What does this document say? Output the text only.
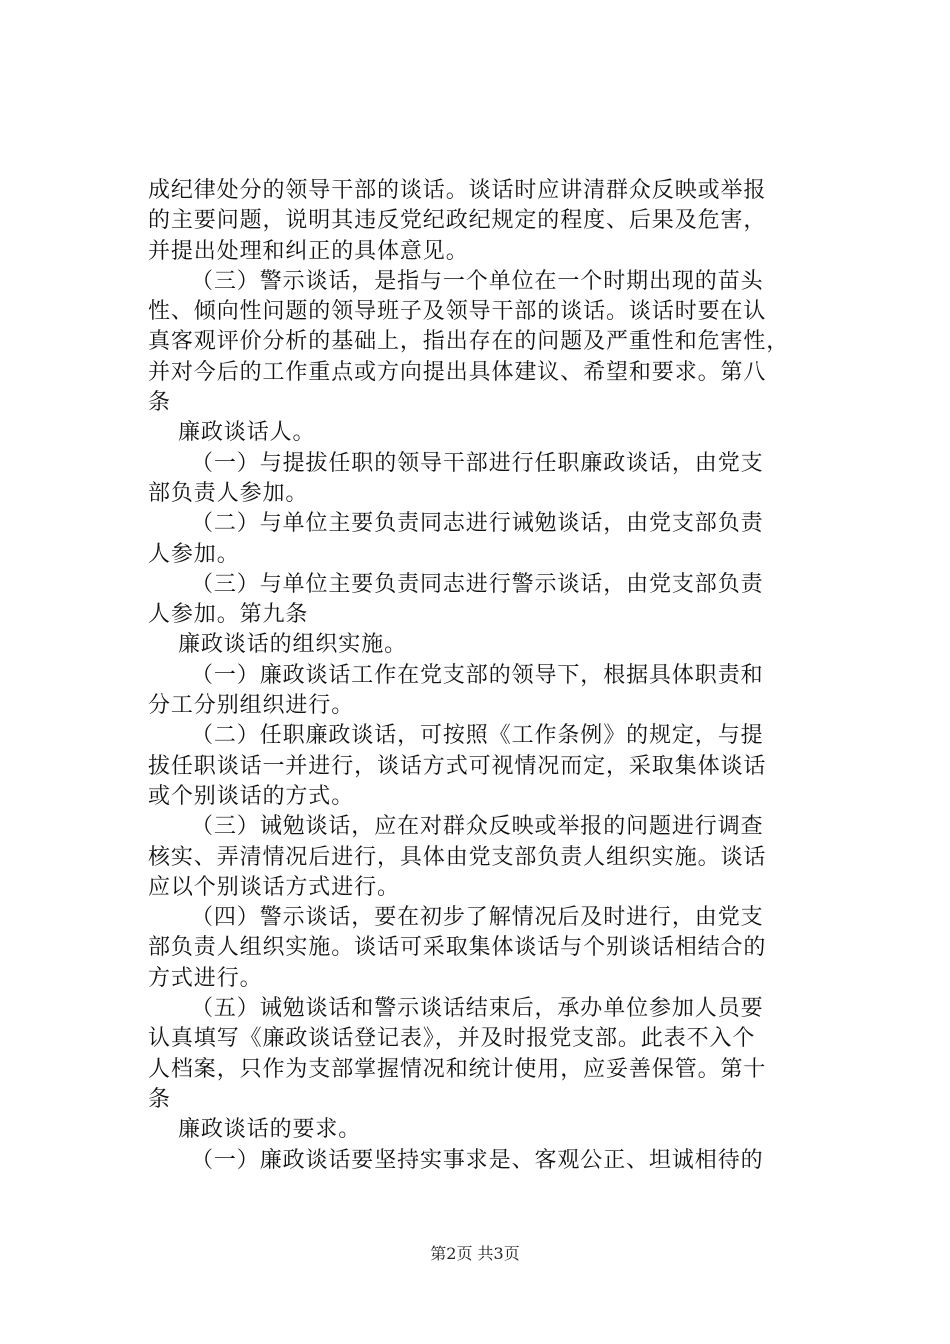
成纪律处分的领导干部的谈话。谈话时应讲清群众反映或举报
的主要问题，说明其违反党纪政纪规定的程度、后果及危害，
并提出处理和纠正的具体意见。
（三）警示谈话，是指与一个单位在一个时期出现的苗头
性、倾向性问题的领导班子及领导干部的谈话。谈话时要在认
真客观评价分析的基础上，指出存在的问题及严重性和危害性，
并对今后的工作重点或方向提出具体建议、希望和要求。第八
条
廉政谈话人。
（一）与提拔任职的领导干部进行任职廉政谈话，由党支
部负责人参加。
（二）与单位主要负责同志进行诫勉谈话，由党支部负责
人参加。
（三）与单位主要负责同志进行警示谈话，由党支部负责
人参加。第九条
廉政谈话的组织实施。
（一）廉政谈话工作在党支部的领导下，根据具体职责和
分工分别组织进行。
（二）任职廉政谈话，可按照《工作条例》的规定，与提
拔任职谈话一并进行，谈话方式可视情况而定，采取集体谈话
或个别谈话的方式。
（三）诫勉谈话，应在对群众反映或举报的问题进行调查
核实、弄清情况后进行，具体由党支部负责人组织实施。谈话
应以个别谈话方式进行。
（四）警示谈话，要在初步了解情况后及时进行，由党支
部负责人组织实施。谈话可采取集体谈话与个别谈话相结合的
方式进行。
（五）诫勉谈话和警示谈话结束后，承办单位参加人员要
认真填写《廉政谈话登记表》，并及时报党支部。此表不入个
人档案，只作为支部掌握情况和统计使用，应妥善保管。第十
条
廉政谈话的要求。
（一）廉政谈话要坚持实事求是、客观公正、坦诚相待的
第2页 共3页
